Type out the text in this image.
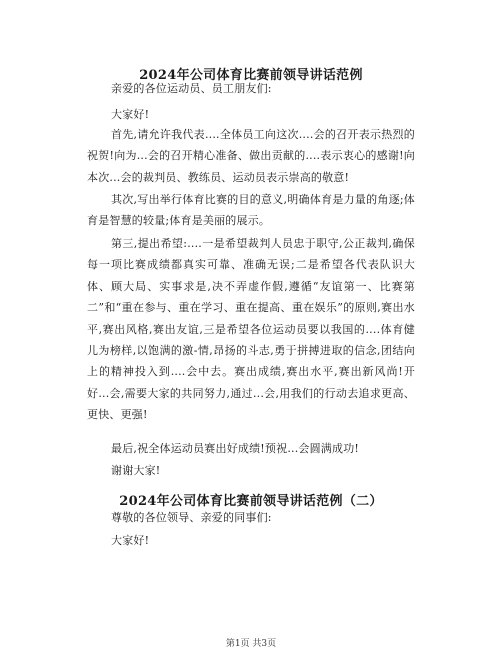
2024年公司体育比赛前领导讲话范例
亲爱的各位运动员、员工朋友们:
大家好!
首先,请允许我代表....全体员工向这次....会的召开表示热烈的祝贺!向为...会的召开精心准备、做出贡献的....表示衷心的感谢!向本次...会的裁判员、教练员、运动员表示崇高的敬意!
其次,写出举行体育比赛的目的意义,明确体育是力量的角逐;体育是智慧的较量;体育是美丽的展示。
第三,提出希望:....一是希望裁判人员忠于职守,公正裁判,确保每一项比赛成绩都真实可靠、准确无误;二是希望各代表队识大体、顾大局、实事求是,决不弄虚作假,遵循“友谊第一、比赛第二”和“重在参与、重在学习、重在提高、重在娱乐”的原则,赛出水平,赛出风格,赛出友谊,三是希望各位运动员要以我国的....体育健儿为榜样,以饱满的激-情,昂扬的斗志,勇于拼搏进取的信念,团结向上的精神投入到....会中去。赛出成绩,赛出水平,赛出新风尚!开好...会,需要大家的共同努力,通过...会,用我们的行动去追求更高、更快、更强!
最后,祝全体运动员赛出好成绩!预祝...会圆满成功!
谢谢大家!
2024年公司体育比赛前领导讲话范例（二）
尊敬的各位领导、亲爱的同事们:
大家好!
第1页 共3页
